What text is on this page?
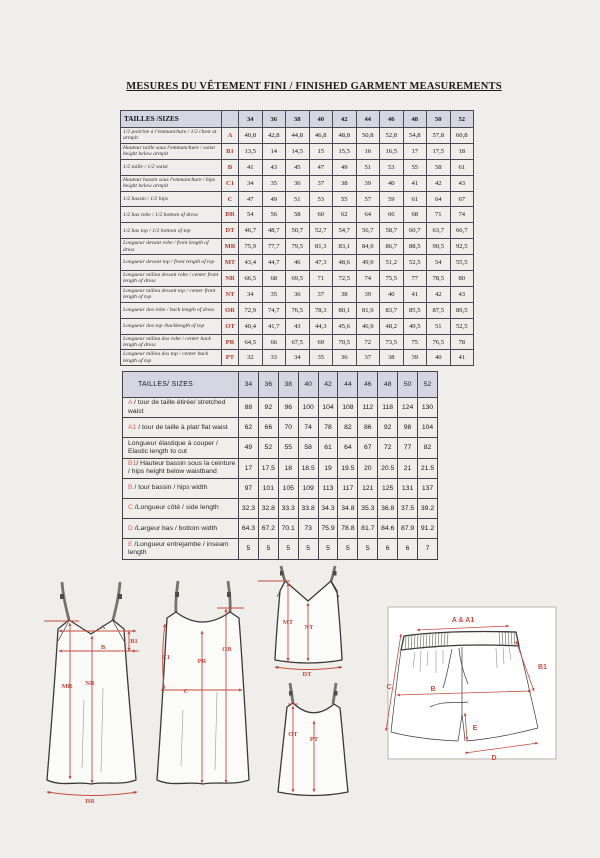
MESURES DU VÊTEMENT FINI / FINISHED GARMENT MEASUREMENTS
TAILLES /SIZES		34	36	38	40	42	44	46	48	50	52
1/2 poitrine à l'emmanchure / 1/2 chest at armpit	A	40,8	42,8	44,8	46,8	48,8	50,8	52,8	54,8	57,8	60,8
Hauteur taille sous l'emmanchure / waist height below armpit	B1	13,5	14	14,5	15	15,5	16	16,5	17	17,5	18
1/2 taille / 1/2 waist	B	41	43	45	47	49	51	53	55	58	61
Hauteur bassin sous l'emmanchure / hips height below armpit	C1	34	35	36	37	38	39	40	41	42	43
1/2 bassin / 1/2 hips	C	47	49	51	53	55	57	59	61	64	67
1/2 bas robe / 1/2 bottom of dress	DR	54	56	58	60	62	64	66	68	71	74
1/2 bas top / 1/2 bottom of top	DT	46,7	48,7	50,7	52,7	54,7	56,7	58,7	60,7	63,7	66,7
Longueur devant robe / front length of dress	MR	75,9	77,7	79,5	81,3	83,1	84,9	86,7	88,5	90,5	92,5
Longueur devant top / front length of top	MT	43,4	44,7	46	47,3	48,6	49,9	51,2	52,5	54	55,5
Longueur milieu devant robe / center front length of dress	NR	66,5	68	69,5	71	72,5	74	75,5	77	78,5	80
Longueur milieu devant top / center front length of top	NT	34	35	36	37	38	39	40	41	42	43
Longueur dos robe / back length of dress	OR	72,9	74,7	76,5	78,3	80,1	81,9	83,7	85,5	87,5	89,5
Longueur dos top /backlength of top	OT	40,4	41,7	43	44,3	45,6	46,9	48,2	49,5	51	52,5
Longueur milieu dos robe / center back length of dress	PR	64,5	66	67,5	69	70,5	72	73,5	75	76,5	78
Longueur milieu dos top / center back length of top	PT	32	33	34	35	36	37	38	39	40	41
TAILLES/ SIZES	34	36	38	40	42	44	46	48	50	52
A / tour de taille étirée/ stretched waist	88	92	96	100	104	108	112	118	124	130
A1 / tour de taille à plat/ flat waist	62	66	70	74	78	82	86	92	98	104
Longueur élastique à couper / Elastic length to cut	49	52	55	58	61	64	67	72	77	82
B1/ Hauteur bassin sous la ceinture / hips height below waistband	17	17.5	18	18.5	19	19.5	20	20.5	21	21.5
B / tour bassin / hips width	97	101	105	109	113	117	121	125	131	137
C /Longueur côté / side length	32.3	32.8	33.3	33.8	34.3	34.8	35.3	36.8	37.5	39.2
D /Largeur bas / bottom width	64.3	67.2	70.1	73	75.9	78.8	81.7	84.6	87.9	91.2
E /Longueur entrejambe / inseam length	5	5	5	5	5	5	5	6	6	7
A
B1
B
MR NR
DR
C1
PR
OR
C
MT
NT
DT
OT
PT
A & A1
B1
C	B
E
D
